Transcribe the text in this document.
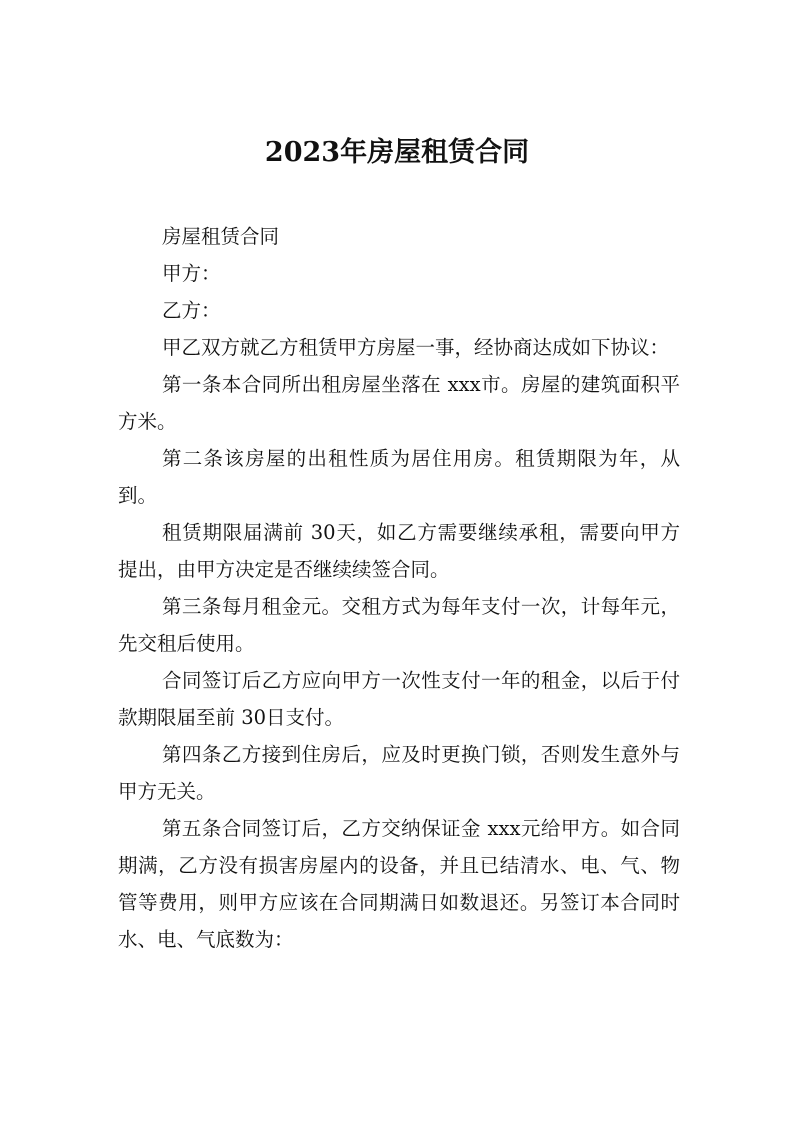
2023年房屋租赁合同

房屋租赁合同

甲方：

乙方：

甲乙双方就乙方租赁甲方房屋一事，经协商达成如下协议：

第一条本合同所出租房屋坐落在 xxx市。房屋的建筑面积平方米。

第二条该房屋的出租性质为居住用房。租赁期限为年，从到。

租赁期限届满前 30天，如乙方需要继续承租，需要向甲方提出，由甲方决定是否继续续签合同。

第三条每月租金元。交租方式为每年支付一次，计每年元，先交租后使用。

合同签订后乙方应向甲方一次性支付一年的租金，以后于付款期限届至前 30日支付。

第四条乙方接到住房后，应及时更换门锁，否则发生意外与甲方无关。

第五条合同签订后，乙方交纳保证金 xxx元给甲方。如合同期满，乙方没有损害房屋内的设备，并且已结清水、电、气、物管等费用，则甲方应该在合同期满日如数退还。另签订本合同时水、电、气底数为：
